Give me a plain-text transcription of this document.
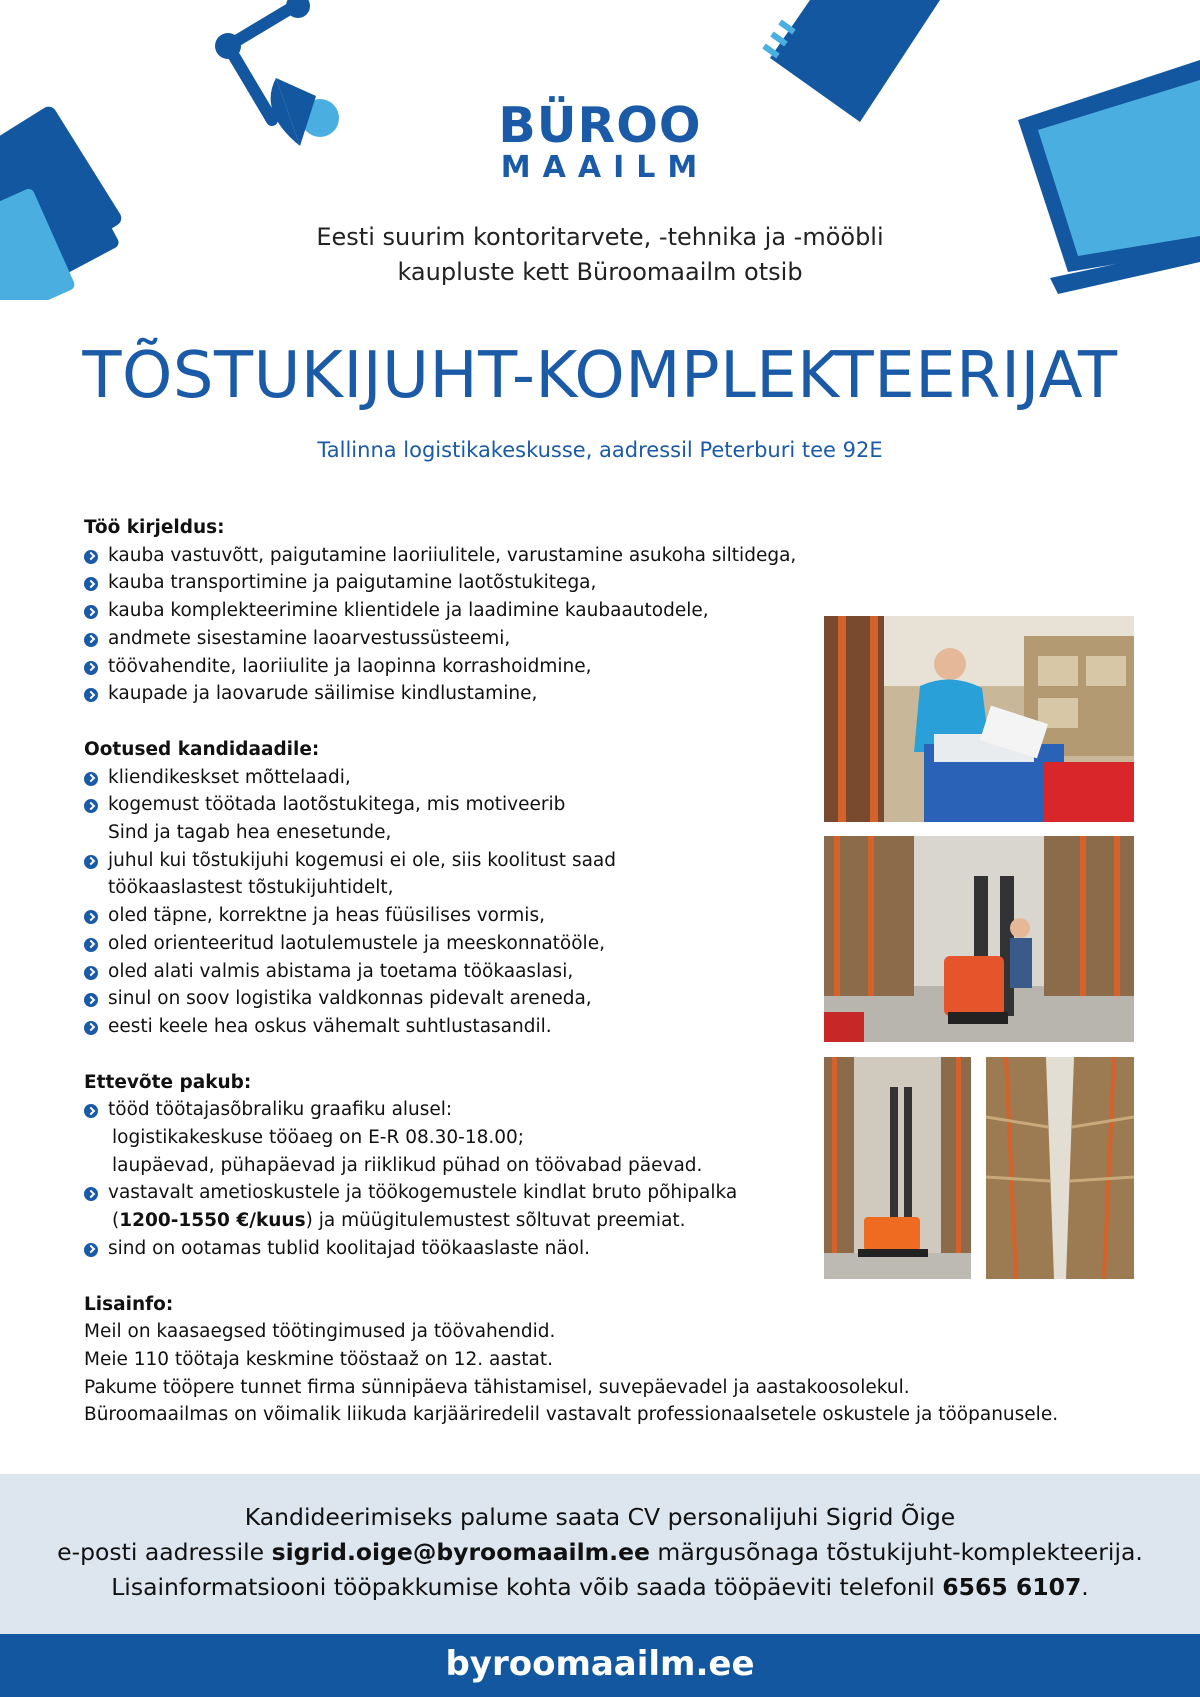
BÜROO
MAAILM
Eesti suurim kontoritarvete, -tehnika ja -mööbli
kaupluste kett Büroomaailm otsib
TÕSTUKIJUHT-KOMPLEKTEERIJAT
Tallinna logistikakeskusse, aadressil Peterburi tee 92E
Töö kirjeldus:
kauba vastuvõtt, paigutamine laoriiulitele, varustamine asukoha siltidega,
kauba transportimine ja paigutamine laotõstukitega,
kauba komplekteerimine klientidele ja laadimine kaubaautodele,
andmete sisestamine laoarvestussüsteemi,
töövahendite, laoriiulite ja laopinna korrashoidmine,
kaupade ja laovarude säilimise kindlustamine,
Ootused kandidaadile:
kliendikeskset mõttelaadi,
kogemust töötada laotõstukitega, mis motiveerib
Sind ja tagab hea enesetunde,
juhul kui tõstukijuhi kogemusi ei ole, siis koolitust saad
töökaaslastest tõstukijuhtidelt,
oled täpne, korrektne ja heas füüsilises vormis,
oled orienteeritud laotulemustele ja meeskonnatööle,
oled alati valmis abistama ja toetama töökaaslasi,
sinul on soov logistika valdkonnas pidevalt areneda,
eesti keele hea oskus vähemalt suhtlustasandil.
Ettevõte pakub:
tööd töötajasõbraliku graafiku alusel:
logistikakeskuse tööaeg on E-R 08.30-18.00;
laupäevad, pühapäevad ja riiklikud pühad on töövabad päevad.
vastavalt ametioskustele ja töökogemustele kindlat bruto põhipalka
(1200-1550 €/kuus) ja müügitulemustest sõltuvat preemiat.
sind on ootamas tublid koolitajad töökaaslaste näol.
Lisainfo:
Meil on kaasaegsed töötingimused ja töövahendid.
Meie 110 töötaja keskmine tööstaaž on 12. aastat.
Pakume tööpere tunnet firma sünnipäeva tähistamisel, suvepäevadel ja aastakoosolekul.
Büroomaailmas on võimalik liikuda karjääriredelil vastavalt professionaalsetele oskustele ja tööpanusele.
Kandideerimiseks palume saata CV personalijuhi Sigrid Õige
e-posti aadressile sigrid.oige@byroomaailm.ee märgusõnaga tõstukijuht-komplekteerija.
Lisainformatsiooni tööpakkumise kohta võib saada tööpäeviti telefonil 6565 6107.
byroomaailm.ee
